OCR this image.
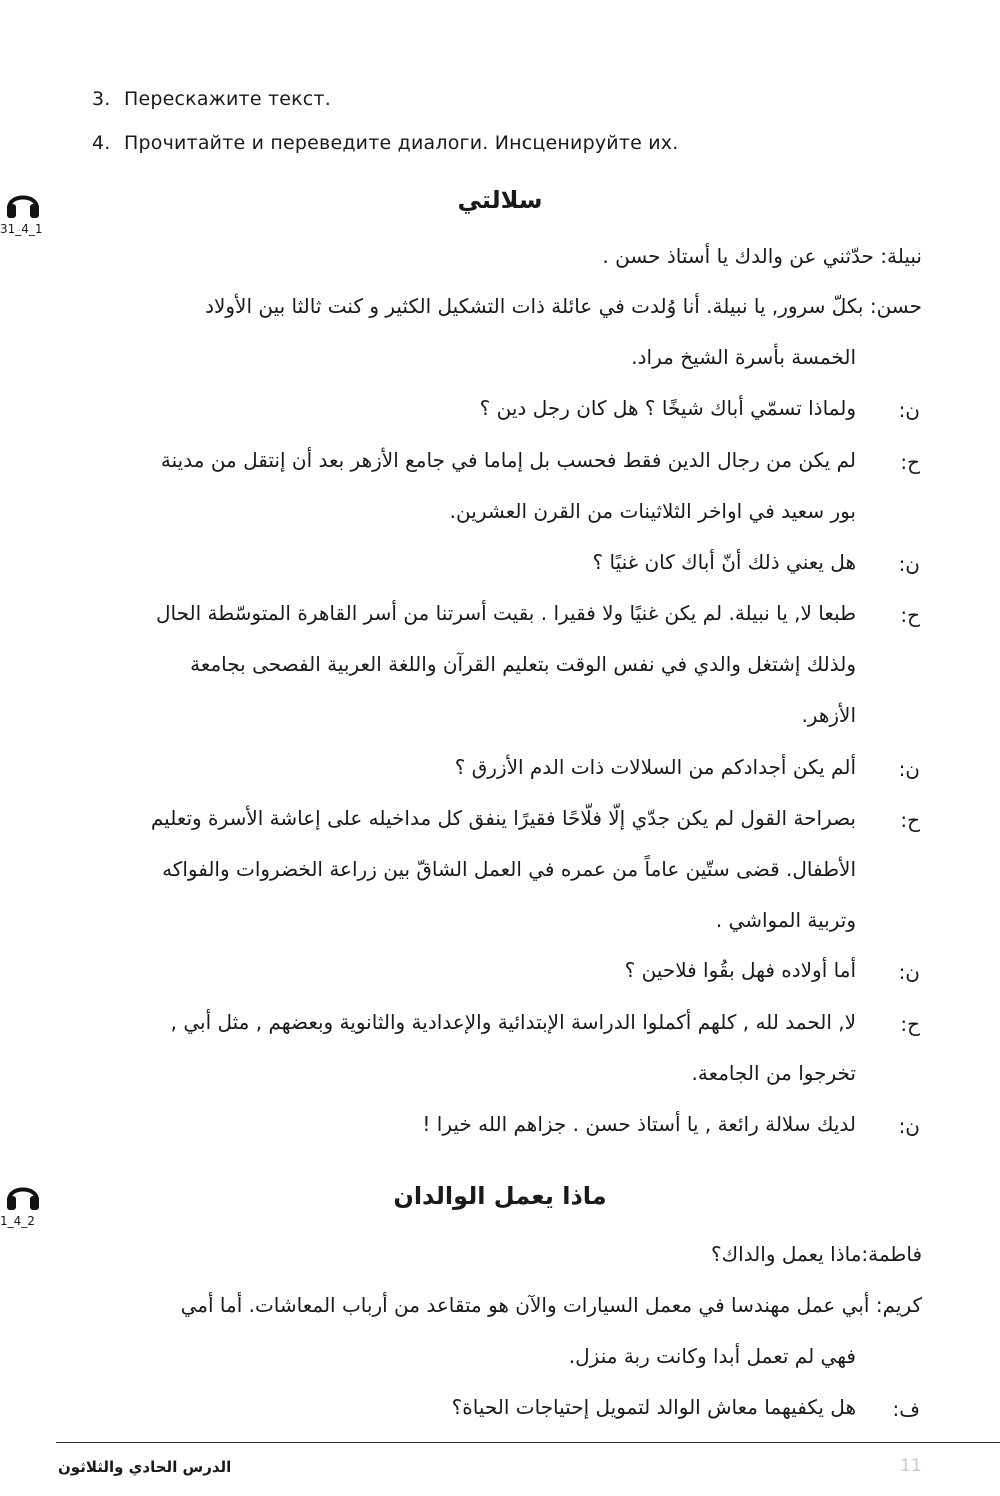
3. Перескажите текст.
4. Прочитайте и переведите диалоги. Инсценируйте их.
31_4_1
سلالتي
نبيلة: حدّثني عن والدك يا أستاذ حسن .
حسن: بكلّ سرور, يا نبيلة. أنا وُلدت في عائلة ذات التشكيل الكثير و كنت ثالثا بين الأولاد
الخمسة بأسرة الشيخ مراد.
ن:
ولماذا تسمّي أباك شيخًا ؟ هل كان رجل دين ؟
ح:
لم يكن من رجال الدين فقط فحسب بل إماما في جامع الأزهر بعد أن إنتقل من مدينة
بور سعيد في اواخر الثلاثينات من القرن العشرين.
ن:
هل يعني ذلك أنّ أباك كان غنيًا ؟
ح:
طبعا لا, يا نبيلة. لم يكن غنيًا ولا فقيرا . بقيت أسرتنا من أسر القاهرة المتوسّطة الحال
ولذلك إشتغل والدي في نفس الوقت بتعليم القرآن واللغة العربية الفصحى بجامعة
الأزهر.
ن:
ألم يكن أجدادكم من السلالات ذات الدم الأزرق ؟
ح:
بصراحة القول لم يكن جدّي إلّا فلّاحًا فقيرًا ينفق كل مداخيله على إعاشة الأسرة وتعليم
الأطفال. قضى ستّين عاماً من عمره في العمل الشاقّ بين زراعة الخضروات والفواكه
وتربية المواشي .
ن:
أما أولاده فهل بقُوا فلاحين ؟
ح:
لا, الحمد لله , كلهم أكملوا الدراسة الإبتدائية والإعدادية والثانوية وبعضهم , مثل أبي ,
تخرجوا من الجامعة.
ن:
لديك سلالة رائعة , يا أستاذ حسن . جزاهم الله خيرا !
1_4_2
ماذا يعمل الوالدان
فاطمة:ماذا يعمل والداك؟
كريم: أبي عمل مهندسا في معمل السيارات والآن هو متقاعد من أرباب المعاشات. أما أمي
فهي لم تعمل أبدا وكانت ربة منزل.
ف:
هل يكفيهما معاش الوالد لتمويل إحتياجات الحياة؟
الدرس الحادي والثلاثون	11
